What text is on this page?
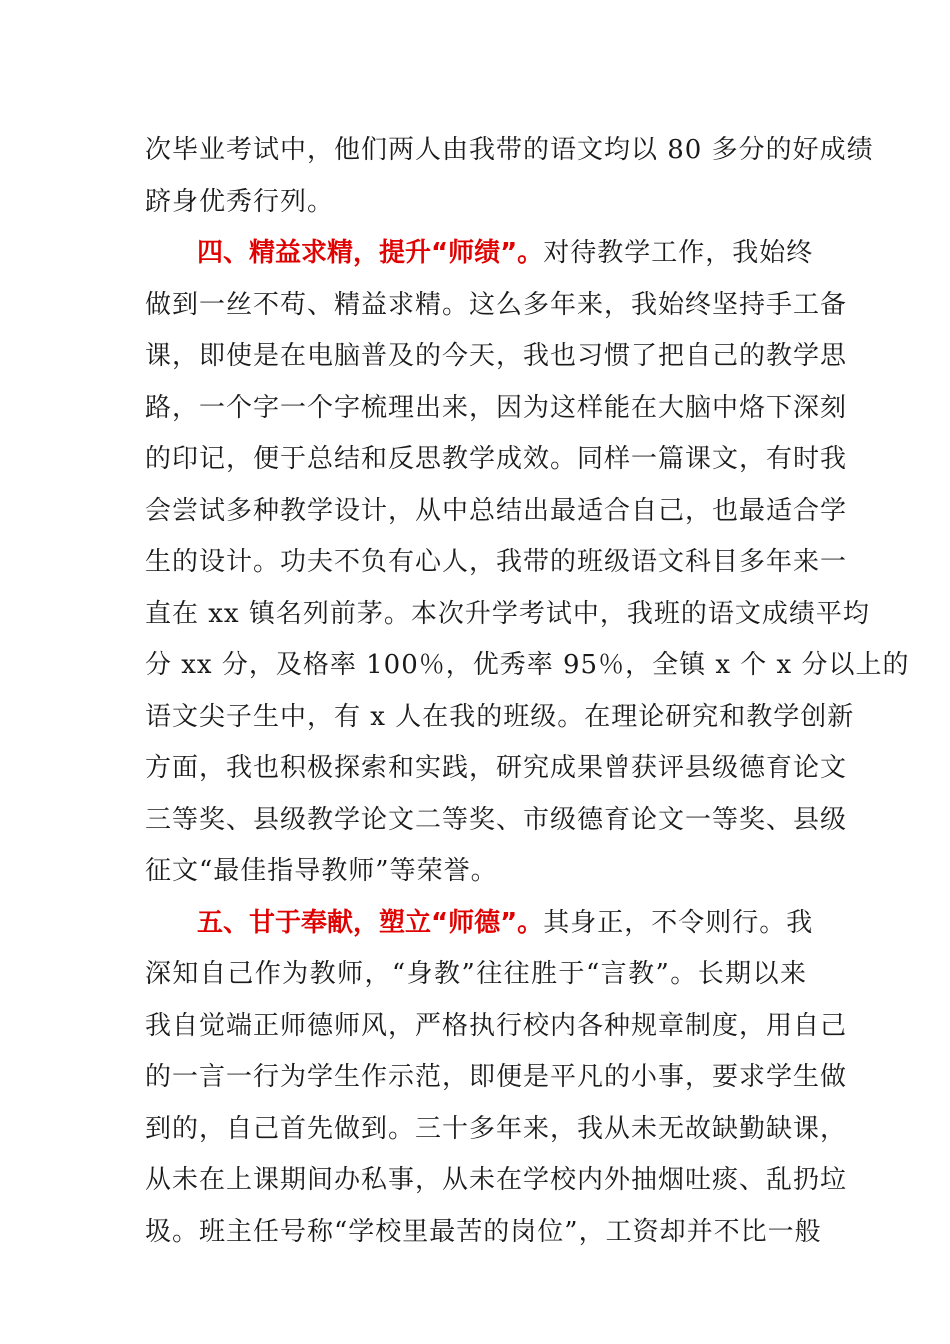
次毕业考试中，他们两人由我带的语文均以 80 多分的好成绩
跻身优秀行列。
四、精益求精，提升“师绩”。对待教学工作，我始终
做到一丝不苟、精益求精。这么多年来，我始终坚持手工备
课，即使是在电脑普及的今天，我也习惯了把自己的教学思
路，一个字一个字梳理出来，因为这样能在大脑中烙下深刻
的印记，便于总结和反思教学成效。同样一篇课文，有时我
会尝试多种教学设计，从中总结出最适合自己，也最适合学
生的设计。功夫不负有心人，我带的班级语文科目多年来一
直在 xx 镇名列前茅。本次升学考试中，我班的语文成绩平均
分 xx 分，及格率 100％，优秀率 95％，全镇 x 个 x 分以上的
语文尖子生中，有 x 人在我的班级。在理论研究和教学创新
方面，我也积极探索和实践，研究成果曾获评县级德育论文
三等奖、县级教学论文二等奖、市级德育论文一等奖、县级
征文“最佳指导教师”等荣誉。
五、甘于奉献，塑立“师德”。其身正，不令则行。我
深知自己作为教师，“身教”往往胜于“言教”。长期以来
我自觉端正师德师风，严格执行校内各种规章制度，用自己
的一言一行为学生作示范，即便是平凡的小事，要求学生做
到的，自己首先做到。三十多年来，我从未无故缺勤缺课，
从未在上课期间办私事，从未在学校内外抽烟吐痰、乱扔垃
圾。班主任号称“学校里最苦的岗位”，工资却并不比一般
